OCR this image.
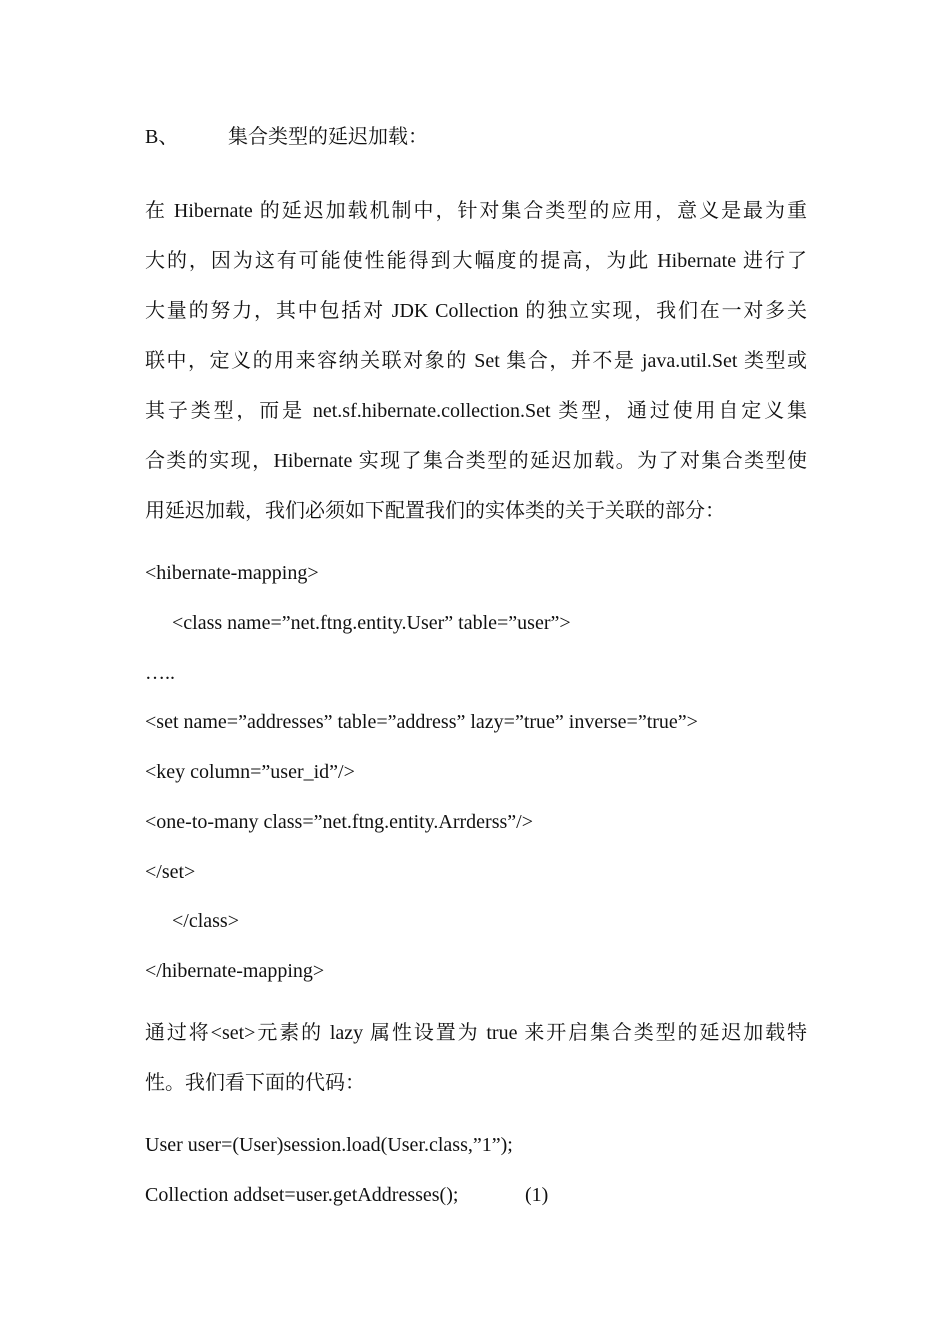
B、 集合类型的延迟加载：
在 Hibernate 的延迟加载机制中，针对集合类型的应用，意义是最为重
大的，因为这有可能使性能得到大幅度的提高，为此 Hibernate 进行了
大量的努力，其中包括对 JDK Collection 的独立实现，我们在一对多关
联中，定义的用来容纳关联对象的 Set 集合，并不是 java.util.Set 类型或
其子类型，而是 net.sf.hibernate.collection.Set 类型，通过使用自定义集
合类的实现，Hibernate 实现了集合类型的延迟加载。为了对集合类型使
用延迟加载，我们必须如下配置我们的实体类的关于关联的部分：
<hibernate-mapping>
<class name=”net.ftng.entity.User” table=”user”>
…..
<set name=”addresses” table=”address” lazy=”true” inverse=”true”>
<key column=”user_id”/>
<one-to-many class=”net.ftng.entity.Arrderss”/>
</set>
</class>
</hibernate-mapping>
通过将<set>元素的 lazy 属性设置为 true 来开启集合类型的延迟加载特
性。我们看下面的代码：
User user=(User)session.load(User.class,”1”);
Collection addset=user.getAddresses();	(1)
